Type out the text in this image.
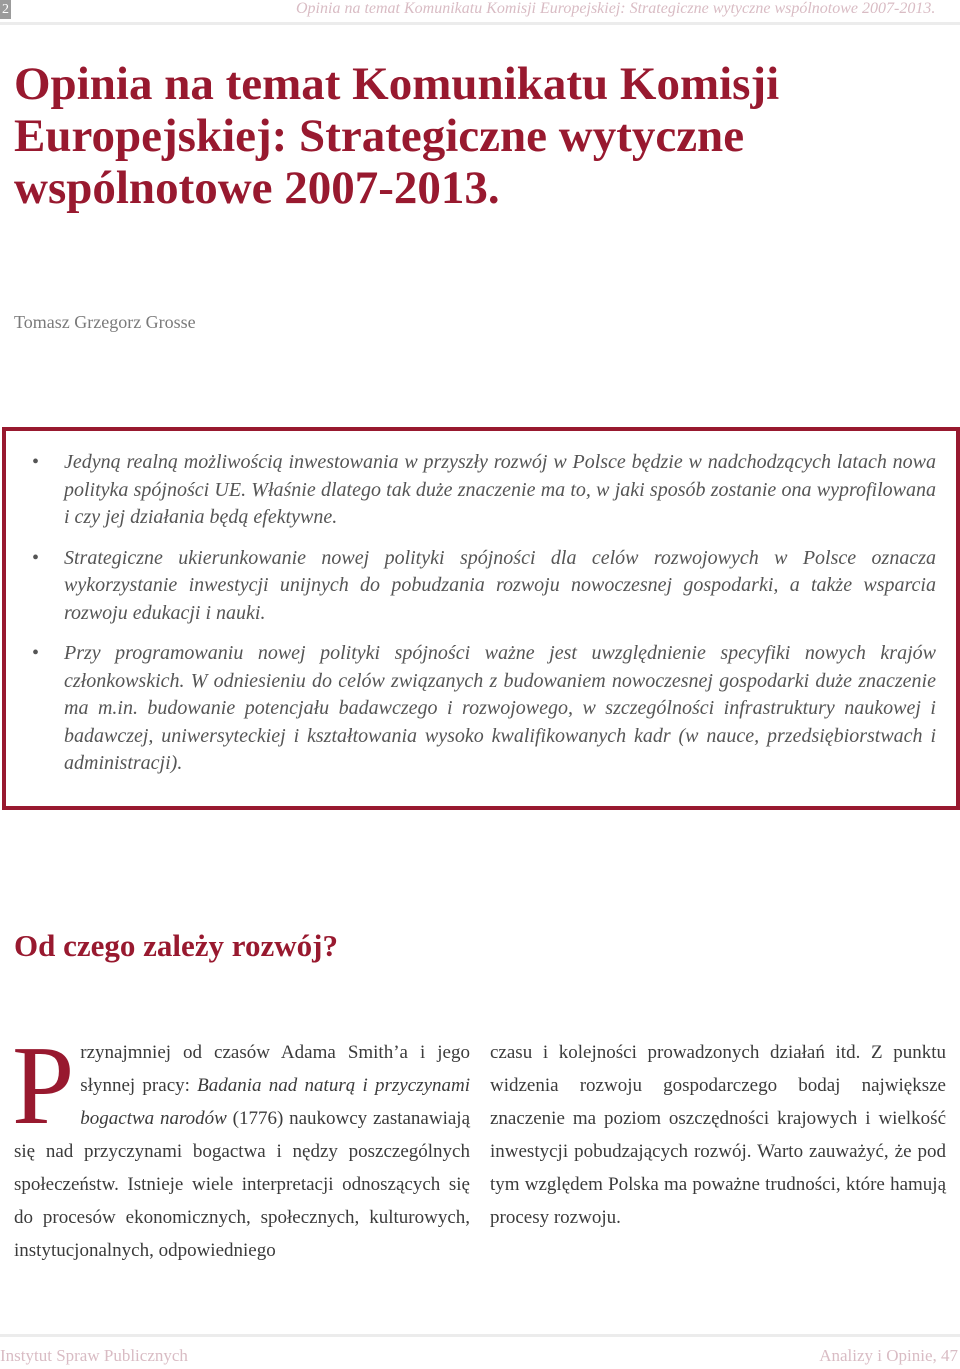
2	Opinia na temat Komunikatu Komisji Europejskiej: Strategiczne wytyczne wspólnotowe 2007-2013.
Opinia na temat Komunikatu Komisji Europejskiej: Strategiczne wytyczne wspólnotowe 2007-2013.

Tomasz Grzegorz Grosse

• Jedyną realną możliwością inwestowania w przyszły rozwój w Polsce będzie w nadchodzących latach nowa polityka spójności UE. Właśnie dlatego tak duże znaczenie ma to, w jaki sposób zostanie ona wyprofilowana i czy jej działania będą efektywne.
• Strategiczne ukierunkowanie nowej polityki spójności dla celów rozwojowych w Polsce oznacza wykorzystanie inwestycji unijnych do pobudzania rozwoju nowoczesnej gospodarki, a także wsparcia rozwoju edukacji i nauki.
• Przy programowaniu nowej polityki spójności ważne jest uwzględnienie specyfiki nowych krajów członkowskich. W odniesieniu do celów związanych z budowaniem nowoczesnej gospodarki duże znaczenie ma m.in. budowanie potencjału badawczego i rozwojowego, w szczególności infrastruktury naukowej i badawczej, uniwersyteckiej i kształtowania wysoko kwalifikowanych kadr (w nauce, przedsiębiorstwach i administracji).
Od czego zależy rozwój?

Przynajmniej od czasów Adama Smith’a i jego słynnej pracy: Badania nad naturą i przyczynami bogactwa narodów (1776) naukowcy zastanawiają się nad przyczynami bogactwa i nędzy poszczególnych społeczeństw. Istnieje wiele interpretacji odnoszących się do procesów ekonomicznych, społecznych, kulturowych, instytucjonalnych, odpowiedniego

czasu i kolejności prowadzonych działań itd. Z punktu widzenia rozwoju gospodarczego bodaj największe znaczenie ma poziom oszczędności krajowych i wielkość inwestycji pobudzających rozwój. Warto zauważyć, że pod tym względem Polska ma poważne trudności, które hamują procesy rozwoju.

Instytut Spraw Publicznych	Analizy i Opinie, 47
